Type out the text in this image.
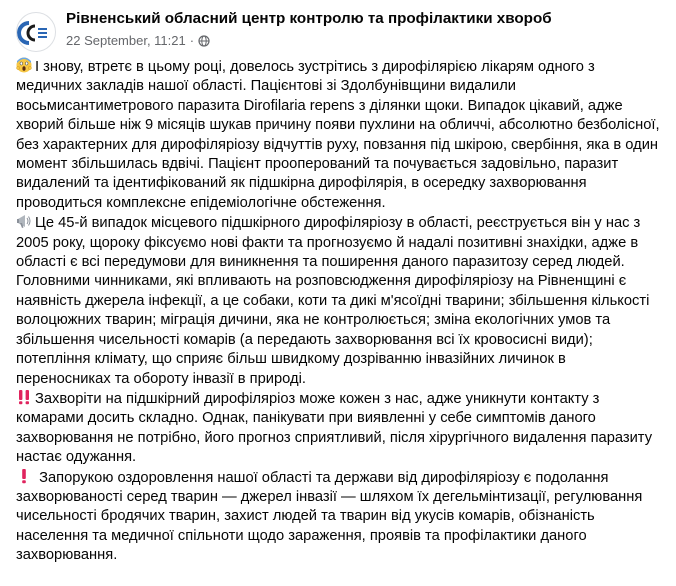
Рівненський обласний центр контролю та профілактики хвороб
22 September, 11:21 ·

І знову, втретє в цьому році, довелось зустрітись з дирофілярією лікарям одного з медичних закладів нашої області. Пацієнтові зі Здолбунівщини видалили восьмисантиметрового паразита Dirofilaria repens з ділянки щоки. Випадок цікавий, адже хворий більше ніж 9 місяців шукав причину появи пухлини на обличчі, абсолютно безболісної, без характерних для дирофіляріозу відчуттів руху, повзання під шкірою, свербіння, яка в один момент збільшилась вдвічі. Пацієнт прооперований та почувається задовільно, паразит видалений та ідентифікований як підшкірна дирофілярія, в осередку захворювання проводиться комплексне епідеміологічне обстеження.

Це 45-й випадок місцевого підшкірного дирофіляріозу в області, реєструється він у нас з 2005 року, щороку фіксуємо нові факти та прогнозуємо й надалі позитивні знахідки, адже в області є всі передумови для виникнення та поширення даного паразитозу серед людей. Головними чинниками, які впливають на розповсюдження дирофіляріозу на Рівненщині є наявність джерела інфекції, а це собаки, коти та дикі м'ясоїдні тварини; збільшення кількості волоцюжних тварин; міграція дичини, яка не контролюється; зміна екологічних умов та збільшення чисельності комарів (а передають захворювання всі їх кровосисні види); потепління клімату, що сприяє більш швидкому дозріванню інвазійних личинок в переносниках та обороту інвазії в природі.

Захворіти на підшкірний дирофіляріоз може кожен з нас, адже уникнути контакту з комарами досить складно. Однак, панікувати при виявленні у себе симптомів даного захворювання не потрібно, його прогноз сприятливий, після хірургічного видалення паразиту настає одужання.

Запорукою оздоровлення нашої області та держави від дирофіляріозу є подолання захворюваності серед тварин — джерел інвазії — шляхом їх дегельмінтизації, регулювання чисельності бродячих тварин, захист людей та тварин від укусів комарів, обізнаність населення та медичної спільноти щодо зараження, проявів та профілактики даного захворювання.
